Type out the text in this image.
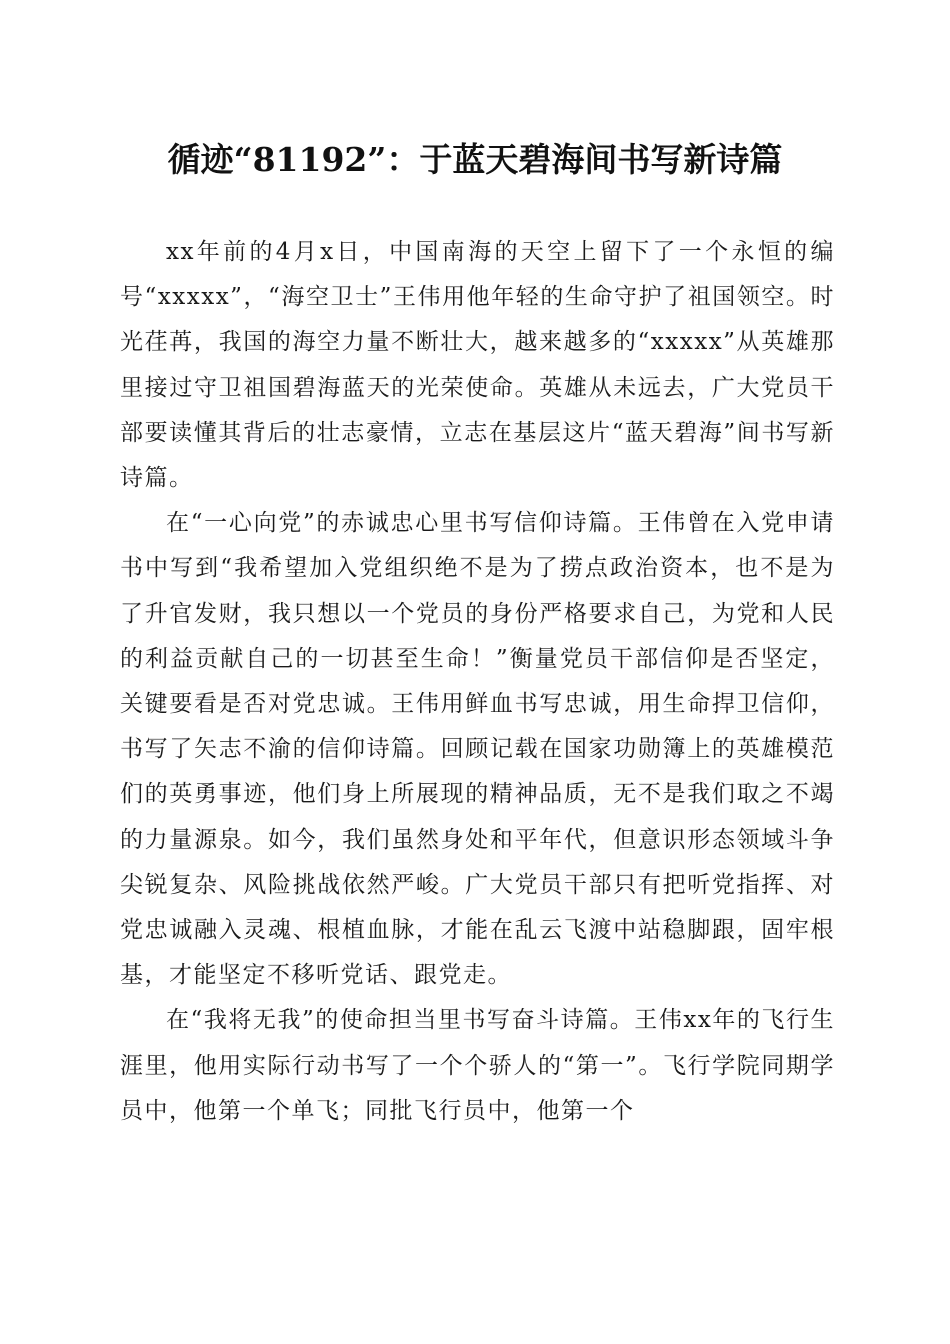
循迹“81192”：于蓝天碧海间书写新诗篇

xx年前的4月x日，中国南海的天空上留下了一个永恒的编号“xxxxx”，“海空卫士”王伟用他年轻的生命守护了祖国领空。时光荏苒，我国的海空力量不断壮大，越来越多的“xxxxx”从英雄那里接过守卫祖国碧海蓝天的光荣使命。英雄从未远去，广大党员干部要读懂其背后的壮志豪情，立志在基层这片“蓝天碧海”间书写新诗篇。

在“一心向党”的赤诚忠心里书写信仰诗篇。王伟曾在入党申请书中写到“我希望加入党组织绝不是为了捞点政治资本，也不是为了升官发财，我只想以一个党员的身份严格要求自己，为党和人民的利益贡献自己的一切甚至生命！”衡量党员干部信仰是否坚定，关键要看是否对党忠诚。王伟用鲜血书写忠诚，用生命捍卫信仰，书写了矢志不渝的信仰诗篇。回顾记载在国家功勋簿上的英雄模范们的英勇事迹，他们身上所展现的精神品质，无不是我们取之不竭的力量源泉。如今，我们虽然身处和平年代，但意识形态领域斗争尖锐复杂、风险挑战依然严峻。广大党员干部只有把听党指挥、对党忠诚融入灵魂、根植血脉，才能在乱云飞渡中站稳脚跟，固牢根基，才能坚定不移听党话、跟党走。

在“我将无我”的使命担当里书写奋斗诗篇。王伟xx年的飞行生涯里，他用实际行动书写了一个个骄人的“第一”。飞行学院同期学员中，他第一个单飞；同批飞行员中，他第一个
